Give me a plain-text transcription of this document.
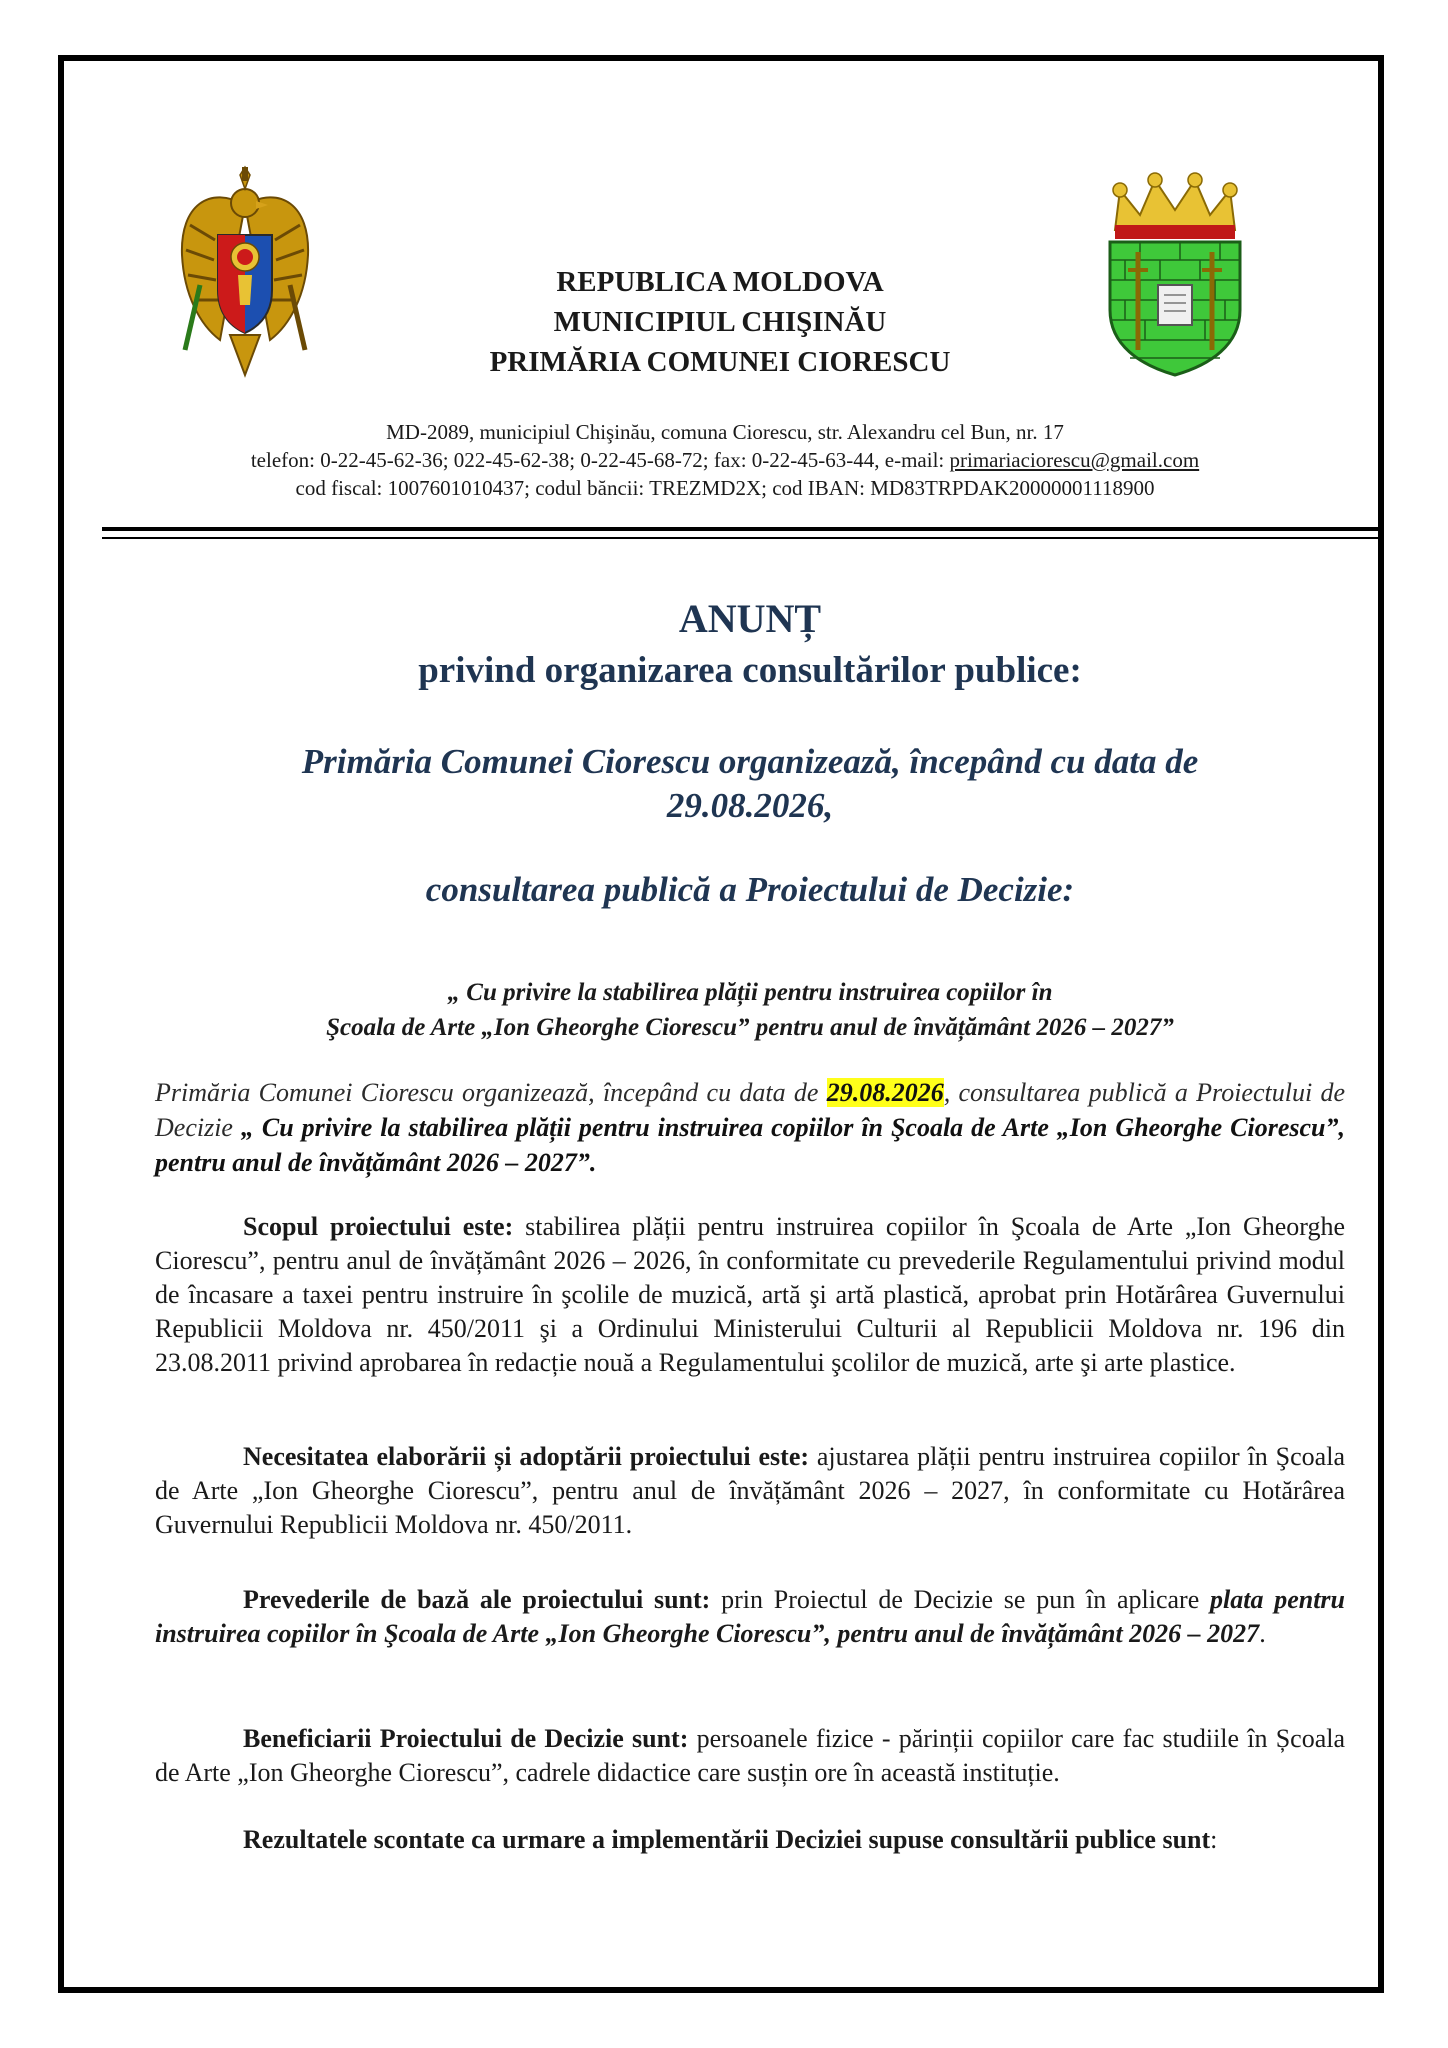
REPUBLICA MOLDOVA
MUNICIPIUL CHIŞINĂU
PRIMĂRIA COMUNEI CIORESCU
MD-2089, municipiul Chişinău, comuna Ciorescu, str. Alexandru cel Bun, nr. 17
telefon: 0-22-45-62-36; 022-45-62-38; 0-22-45-68-72; fax: 0-22-45-63-44, e-mail: primariaciorescu@gmail.com
cod fiscal: 1007601010437; codul băncii: TREZMD2X; cod IBAN: MD83TRPDAK20000001118900
ANUNȚ
privind organizarea consultărilor publice:
Primăria Comunei Ciorescu organizează, începând cu data de
29.08.2026,
consultarea publică a Proiectului de Decizie:
„ Cu privire la stabilirea plății pentru instruirea copiilor în
Şcoala de Arte „Ion Gheorghe Ciorescu” pentru anul de învățământ 2026 – 2027”
Primăria Comunei Ciorescu organizează, începând cu data de 29.08.2026, consultarea publică a Proiectului de Decizie „ Cu privire la stabilirea plății pentru instruirea copiilor în Şcoala de Arte „Ion Gheorghe Ciorescu”, pentru anul de învățământ 2026 – 2027”.
Scopul proiectului este: stabilirea plății pentru instruirea copiilor în Şcoala de Arte „Ion Gheorghe Ciorescu”, pentru anul de învățământ 2026 – 2026, în conformitate cu prevederile Regulamentului privind modul de încasare a taxei pentru instruire în şcolile de muzică, artă şi artă plastică, aprobat prin Hotărârea Guvernului Republicii Moldova nr. 450/2011 şi a Ordinului Ministerului Culturii al Republicii Moldova nr. 196 din 23.08.2011 privind aprobarea în redacție nouă a Regulamentului şcolilor de muzică, arte şi arte plastice.
Necesitatea elaborării și adoptării proiectului este: ajustarea plății pentru instruirea copiilor în Şcoala de Arte „Ion Gheorghe Ciorescu”, pentru anul de învățământ 2026 – 2027, în conformitate cu Hotărârea Guvernului Republicii Moldova nr. 450/2011.
Prevederile de bază ale proiectului sunt: prin Proiectul de Decizie se pun în aplicare plata pentru instruirea copiilor în Şcoala de Arte „Ion Gheorghe Ciorescu”, pentru anul de învățământ 2026 – 2027.
Beneficiarii Proiectului de Decizie sunt: persoanele fizice - părinții copiilor care fac studiile în Școala de Arte „Ion Gheorghe Ciorescu”, cadrele didactice care susțin ore în această instituție.
Rezultatele scontate ca urmare a implementării Deciziei supuse consultării publice sunt:
